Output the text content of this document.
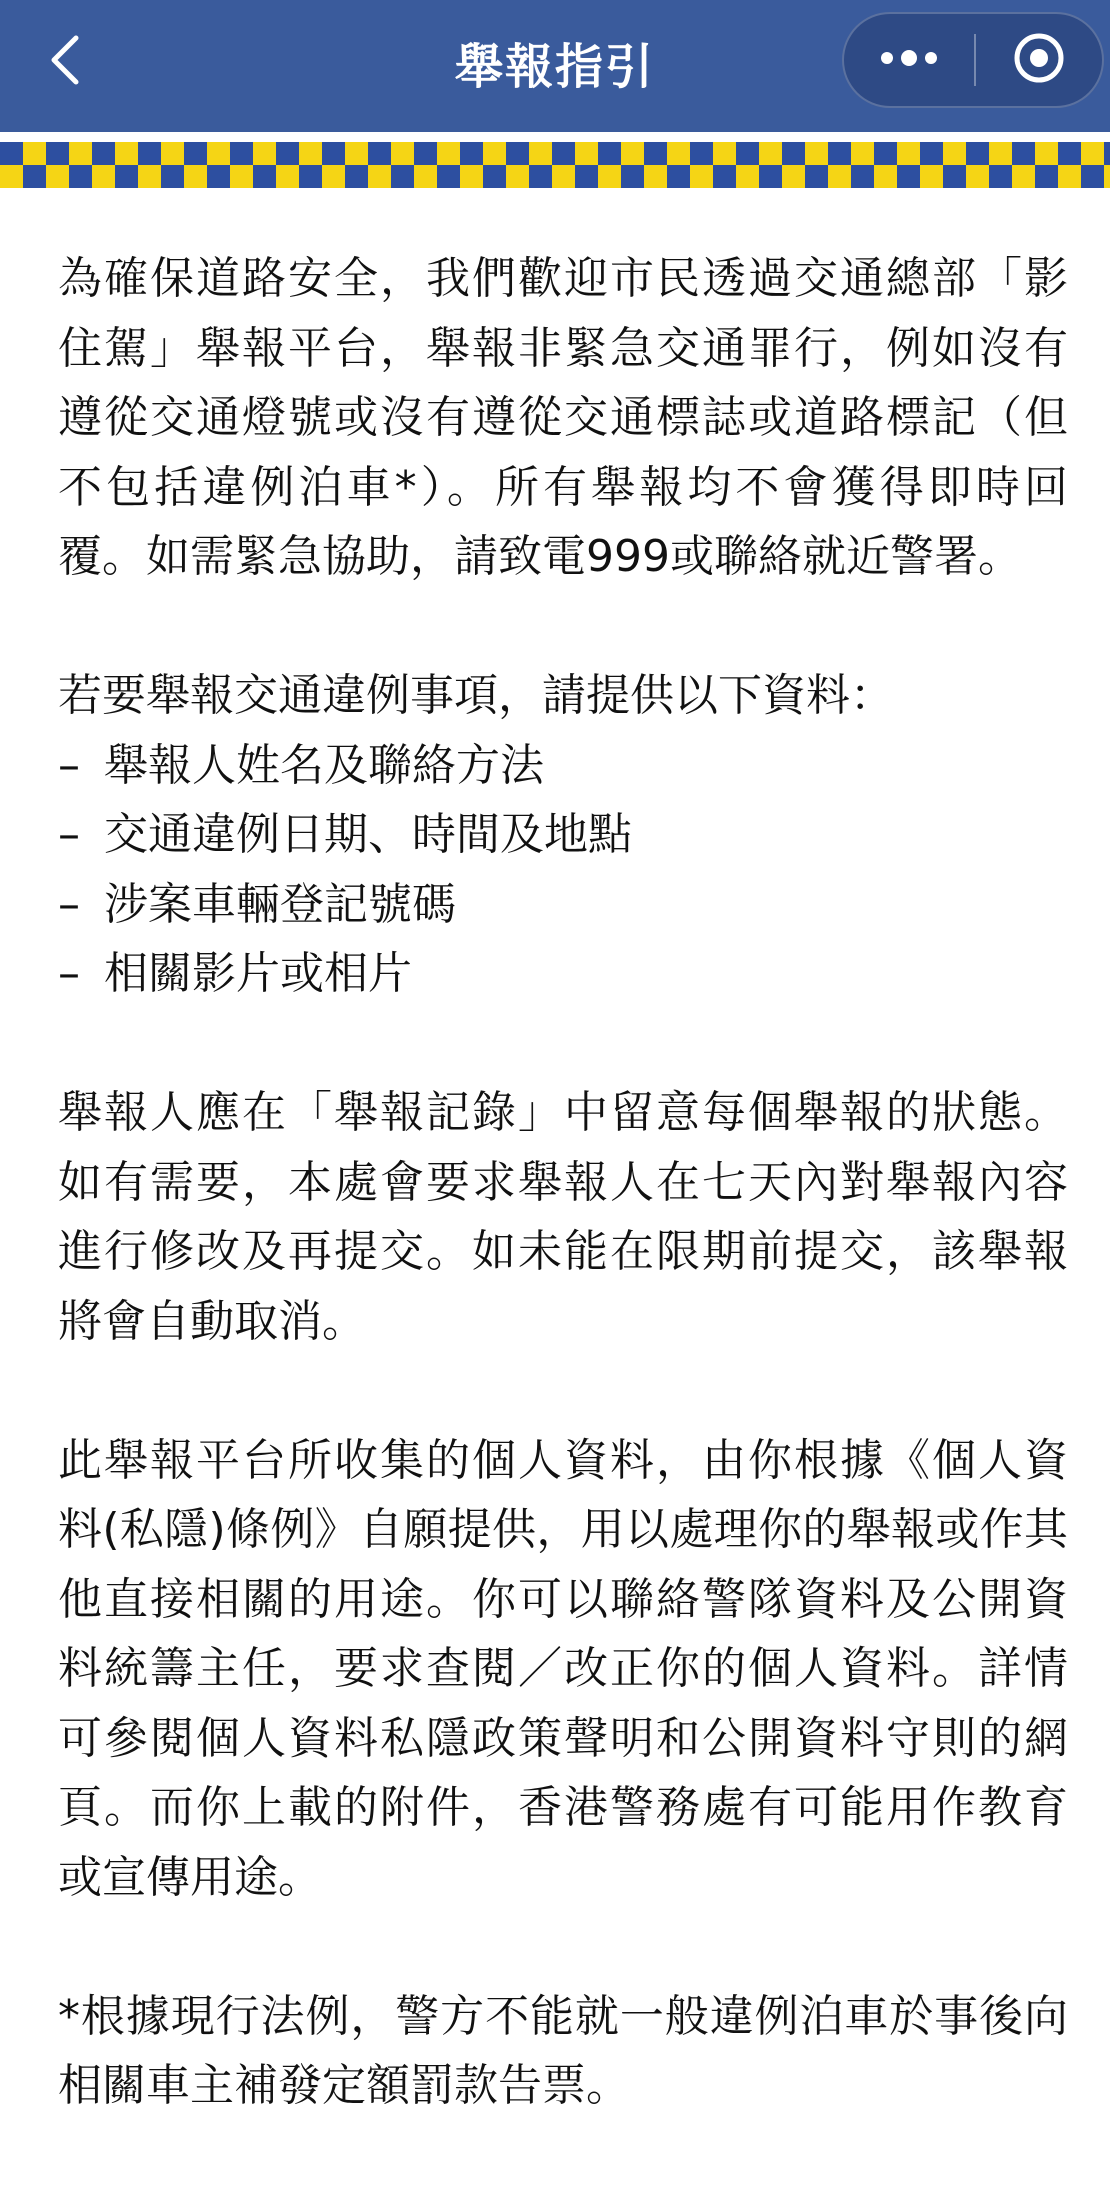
舉報指引

為確保道路安全，我們歡迎市民透過交通總部「影住駕」舉報平台，舉報非緊急交通罪行，例如沒有遵從交通燈號或沒有遵從交通標誌或道路標記（但不包括違例泊車*）。所有舉報均不會獲得即時回覆。如需緊急協助，請致電999或聯絡就近警署。

若要舉報交通違例事項，請提供以下資料：

– 舉報人姓名及聯絡方法
– 交通違例日期、時間及地點
– 涉案車輛登記號碼
– 相關影片或相片

舉報人應在「舉報記錄」中留意每個舉報的狀態。如有需要，本處會要求舉報人在七天內對舉報內容進行修改及再提交。如未能在限期前提交，該舉報將會自動取消。

此舉報平台所收集的個人資料，由你根據《個人資料(私隱)條例》自願提供，用以處理你的舉報或作其他直接相關的用途。你可以聯絡警隊資料及公開資料統籌主任，要求查閱／改正你的個人資料。詳情可參閱個人資料私隱政策聲明和公開資料守則的網頁。而你上載的附件，香港警務處有可能用作教育或宣傳用途。

*根據現行法例，警方不能就一般違例泊車於事後向相關車主補發定額罰款告票。
